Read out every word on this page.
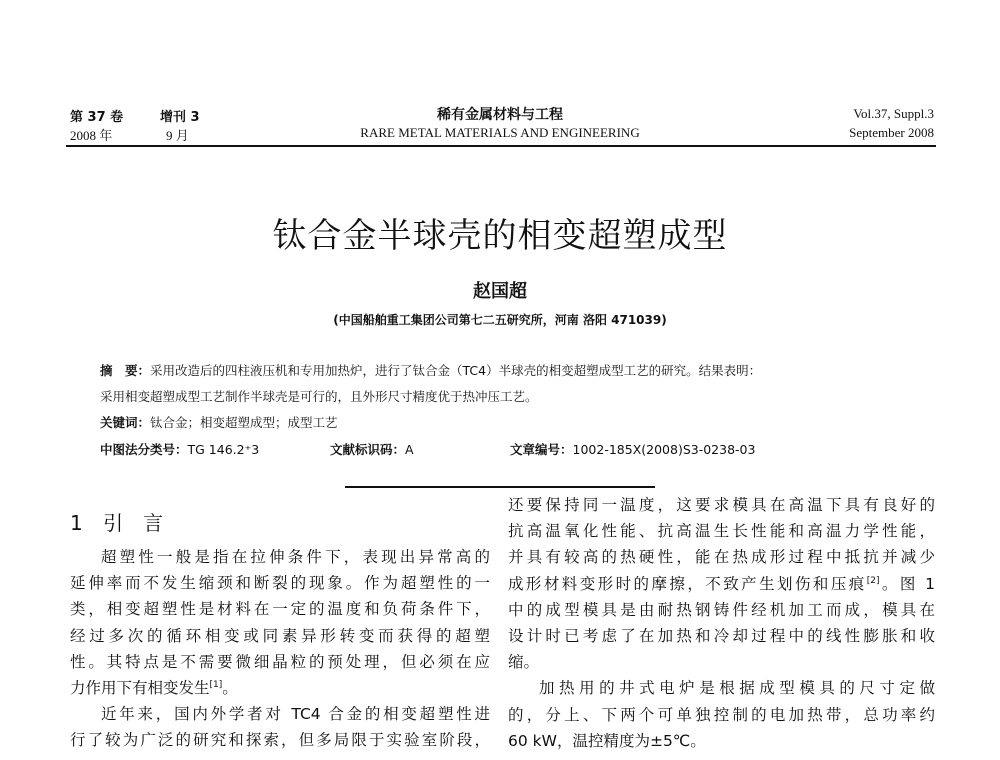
第 37 卷	增刊 3
2008 年	9 月
稀有金属材料与工程
RARE METAL MATERIALS AND ENGINEERING
Vol.37, Suppl.3
September 2008
钛合金半球壳的相变超塑成型
赵国超
(中国船舶重工集团公司第七二五研究所，河南 洛阳 471039)
摘　要：采用改造后的四柱液压机和专用加热炉，进行了钛合金（TC4）半球壳的相变超塑成型工艺的研究。结果表明：
采用相变超塑成型工艺制作半球壳是可行的，且外形尺寸精度优于热冲压工艺。
关键词：钛合金；相变超塑成型；成型工艺
中图法分类号：TG 146.2⁺3	文献标识码：A	文章编号：1002-185X(2008)S3-0238-03
1 引　言
超塑性一般是指在拉伸条件下，表现出异常高的
延伸率而不发生缩颈和断裂的现象。作为超塑性的一
类，相变超塑性是材料在一定的温度和负荷条件下，
经过多次的循环相变或同素异形转变而获得的超塑
性。其特点是不需要微细晶粒的预处理，但必须在应
力作用下有相变发生[1]。
近年来，国内外学者对 TC4 合金的相变超塑性进
行了较为广泛的研究和探索，但多局限于实验室阶段，
还要保持同一温度，这要求模具在高温下具有良好的
抗高温氧化性能、抗高温生长性能和高温力学性能，
并具有较高的热硬性，能在热成形过程中抵抗并减少
成形材料变形时的摩擦，不致产生划伤和压痕[2]。图 1
中的成型模具是由耐热钢铸件经机加工而成，模具在
设计时已考虑了在加热和冷却过程中的线性膨胀和收
缩。
加热用的井式电炉是根据成型模具的尺寸定做
的，分上、下两个可单独控制的电加热带，总功率约
60 kW，温控精度为±5℃。
